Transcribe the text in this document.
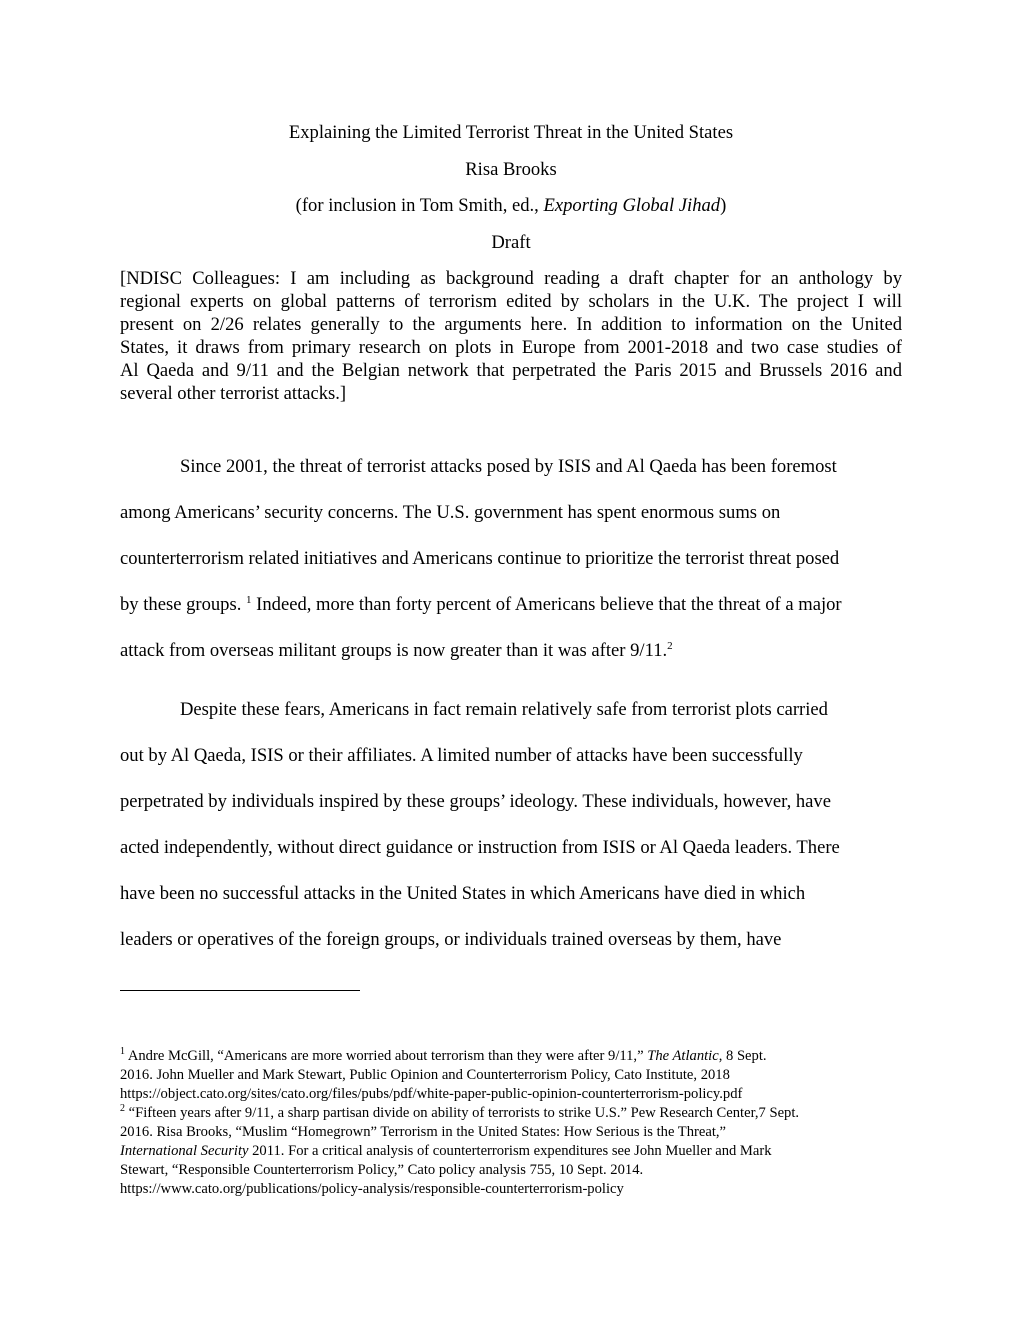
Explaining the Limited Terrorist Threat in the United States

Risa Brooks

(for inclusion in Tom Smith, ed., Exporting Global Jihad)

Draft

[NDISC Colleagues: I am including as background reading a draft chapter for an anthology by

regional experts on global patterns of terrorism edited by scholars in the U.K. The project I will

present on 2/26 relates generally to the arguments here. In addition to information on the United

States, it draws from primary research on plots in Europe from 2001-2018 and two case studies of

Al Qaeda and 9/11 and the Belgian network that perpetrated the Paris 2015 and Brussels 2016 and

several other terrorist attacks.]

Since 2001, the threat of terrorist attacks posed by ISIS and Al Qaeda has been foremost

among Americans’ security concerns. The U.S. government has spent enormous sums on

counterterrorism related initiatives and Americans continue to prioritize the terrorist threat posed

by these groups. $^1$ Indeed, more than forty percent of Americans believe that the threat of a major

attack from overseas militant groups is now greater than it was after 9/11.$^2$

Despite these fears, Americans in fact remain relatively safe from terrorist plots carried

out by Al Qaeda, ISIS or their affiliates. A limited number of attacks have been successfully

perpetrated by individuals inspired by these groups’ ideology. These individuals, however, have

acted independently, without direct guidance or instruction from ISIS or Al Qaeda leaders. There

have been no successful attacks in the United States in which Americans have died in which

leaders or operatives of the foreign groups, or individuals trained overseas by them, have

$^1$ Andre McGill, “Americans are more worried about terrorism than they were after 9/11,” The Atlantic, 8 Sept.

2016. John Mueller and Mark Stewart, Public Opinion and Counterterrorism Policy, Cato Institute, 2018

https://object.cato.org/sites/cato.org/files/pubs/pdf/white-paper-public-opinion-counterterrorism-policy.pdf

$^2$ “Fifteen years after 9/11, a sharp partisan divide on ability of terrorists to strike U.S.” Pew Research Center,7 Sept.

2016. Risa Brooks, “Muslim “Homegrown” Terrorism in the United States: How Serious is the Threat,”

International Security 2011. For a critical analysis of counterterrorism expenditures see John Mueller and Mark

Stewart, “Responsible Counterterrorism Policy,” Cato policy analysis 755, 10 Sept. 2014.

https://www.cato.org/publications/policy-analysis/responsible-counterterrorism-policy
